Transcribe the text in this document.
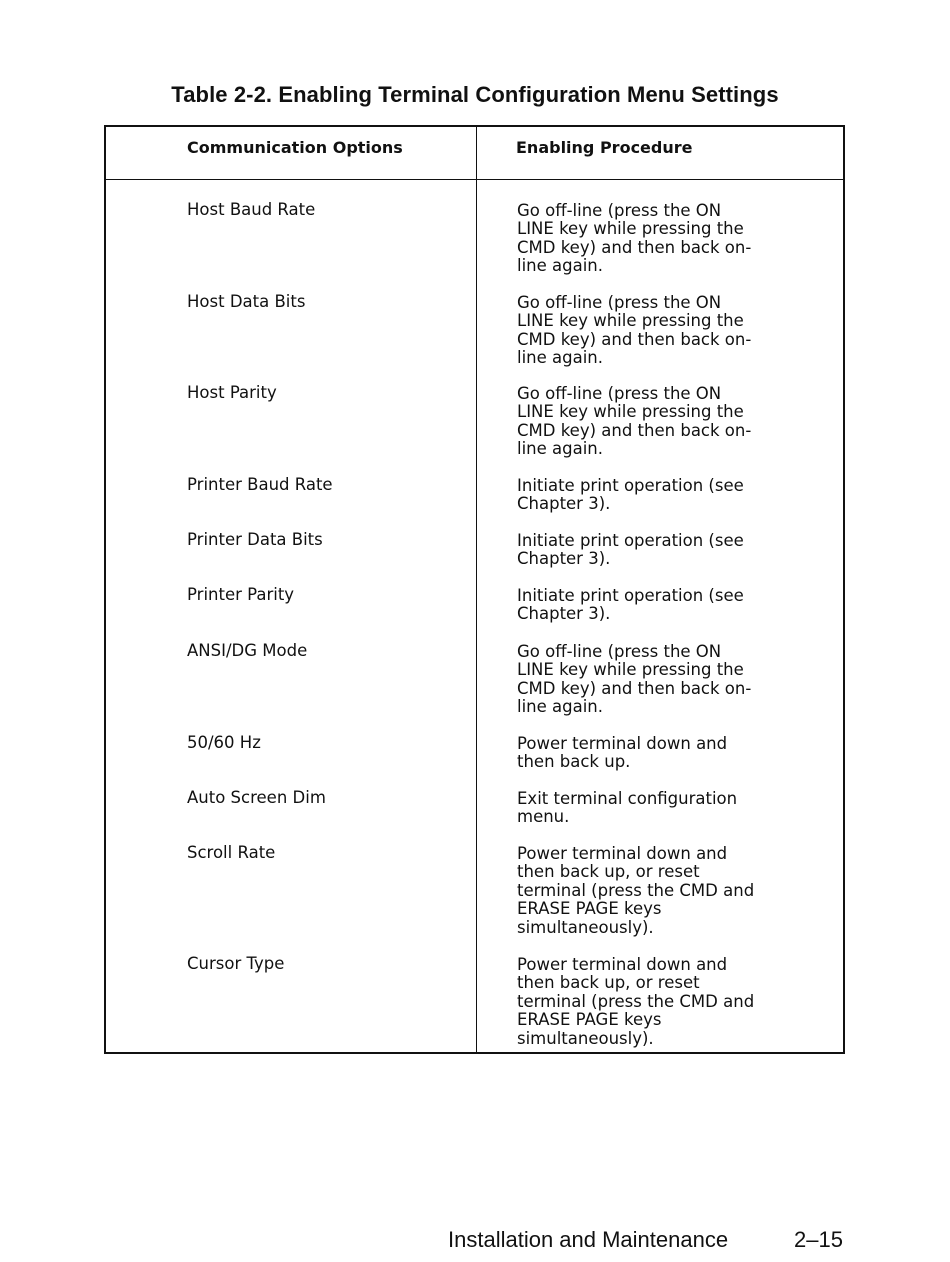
Table 2-2. Enabling Terminal Configuration Menu Settings
Communication Options	Enabling Procedure
Host Baud Rate	Go off-line (press the ON
LINE key while pressing the
CMD key) and then back on-
line again.
Host Data Bits	Go off-line (press the ON
LINE key while pressing the
CMD key) and then back on-
line again.
Host Parity	Go off-line (press the ON
LINE key while pressing the
CMD key) and then back on-
line again.
Printer Baud Rate	Initiate print operation (see
Chapter 3).
Printer Data Bits	Initiate print operation (see
Chapter 3).
Printer Parity	Initiate print operation (see
Chapter 3).
ANSI/DG Mode	Go off-line (press the ON
LINE key while pressing the
CMD key) and then back on-
line again.
50/60 Hz	Power terminal down and
then back up.
Auto Screen Dim	Exit terminal configuration
menu.
Scroll Rate	Power terminal down and
then back up, or reset
terminal (press the CMD and
ERASE PAGE keys
simultaneously).
Cursor Type	Power terminal down and
then back up, or reset
terminal (press the CMD and
ERASE PAGE keys
simultaneously).
Installation and Maintenance	2–15
